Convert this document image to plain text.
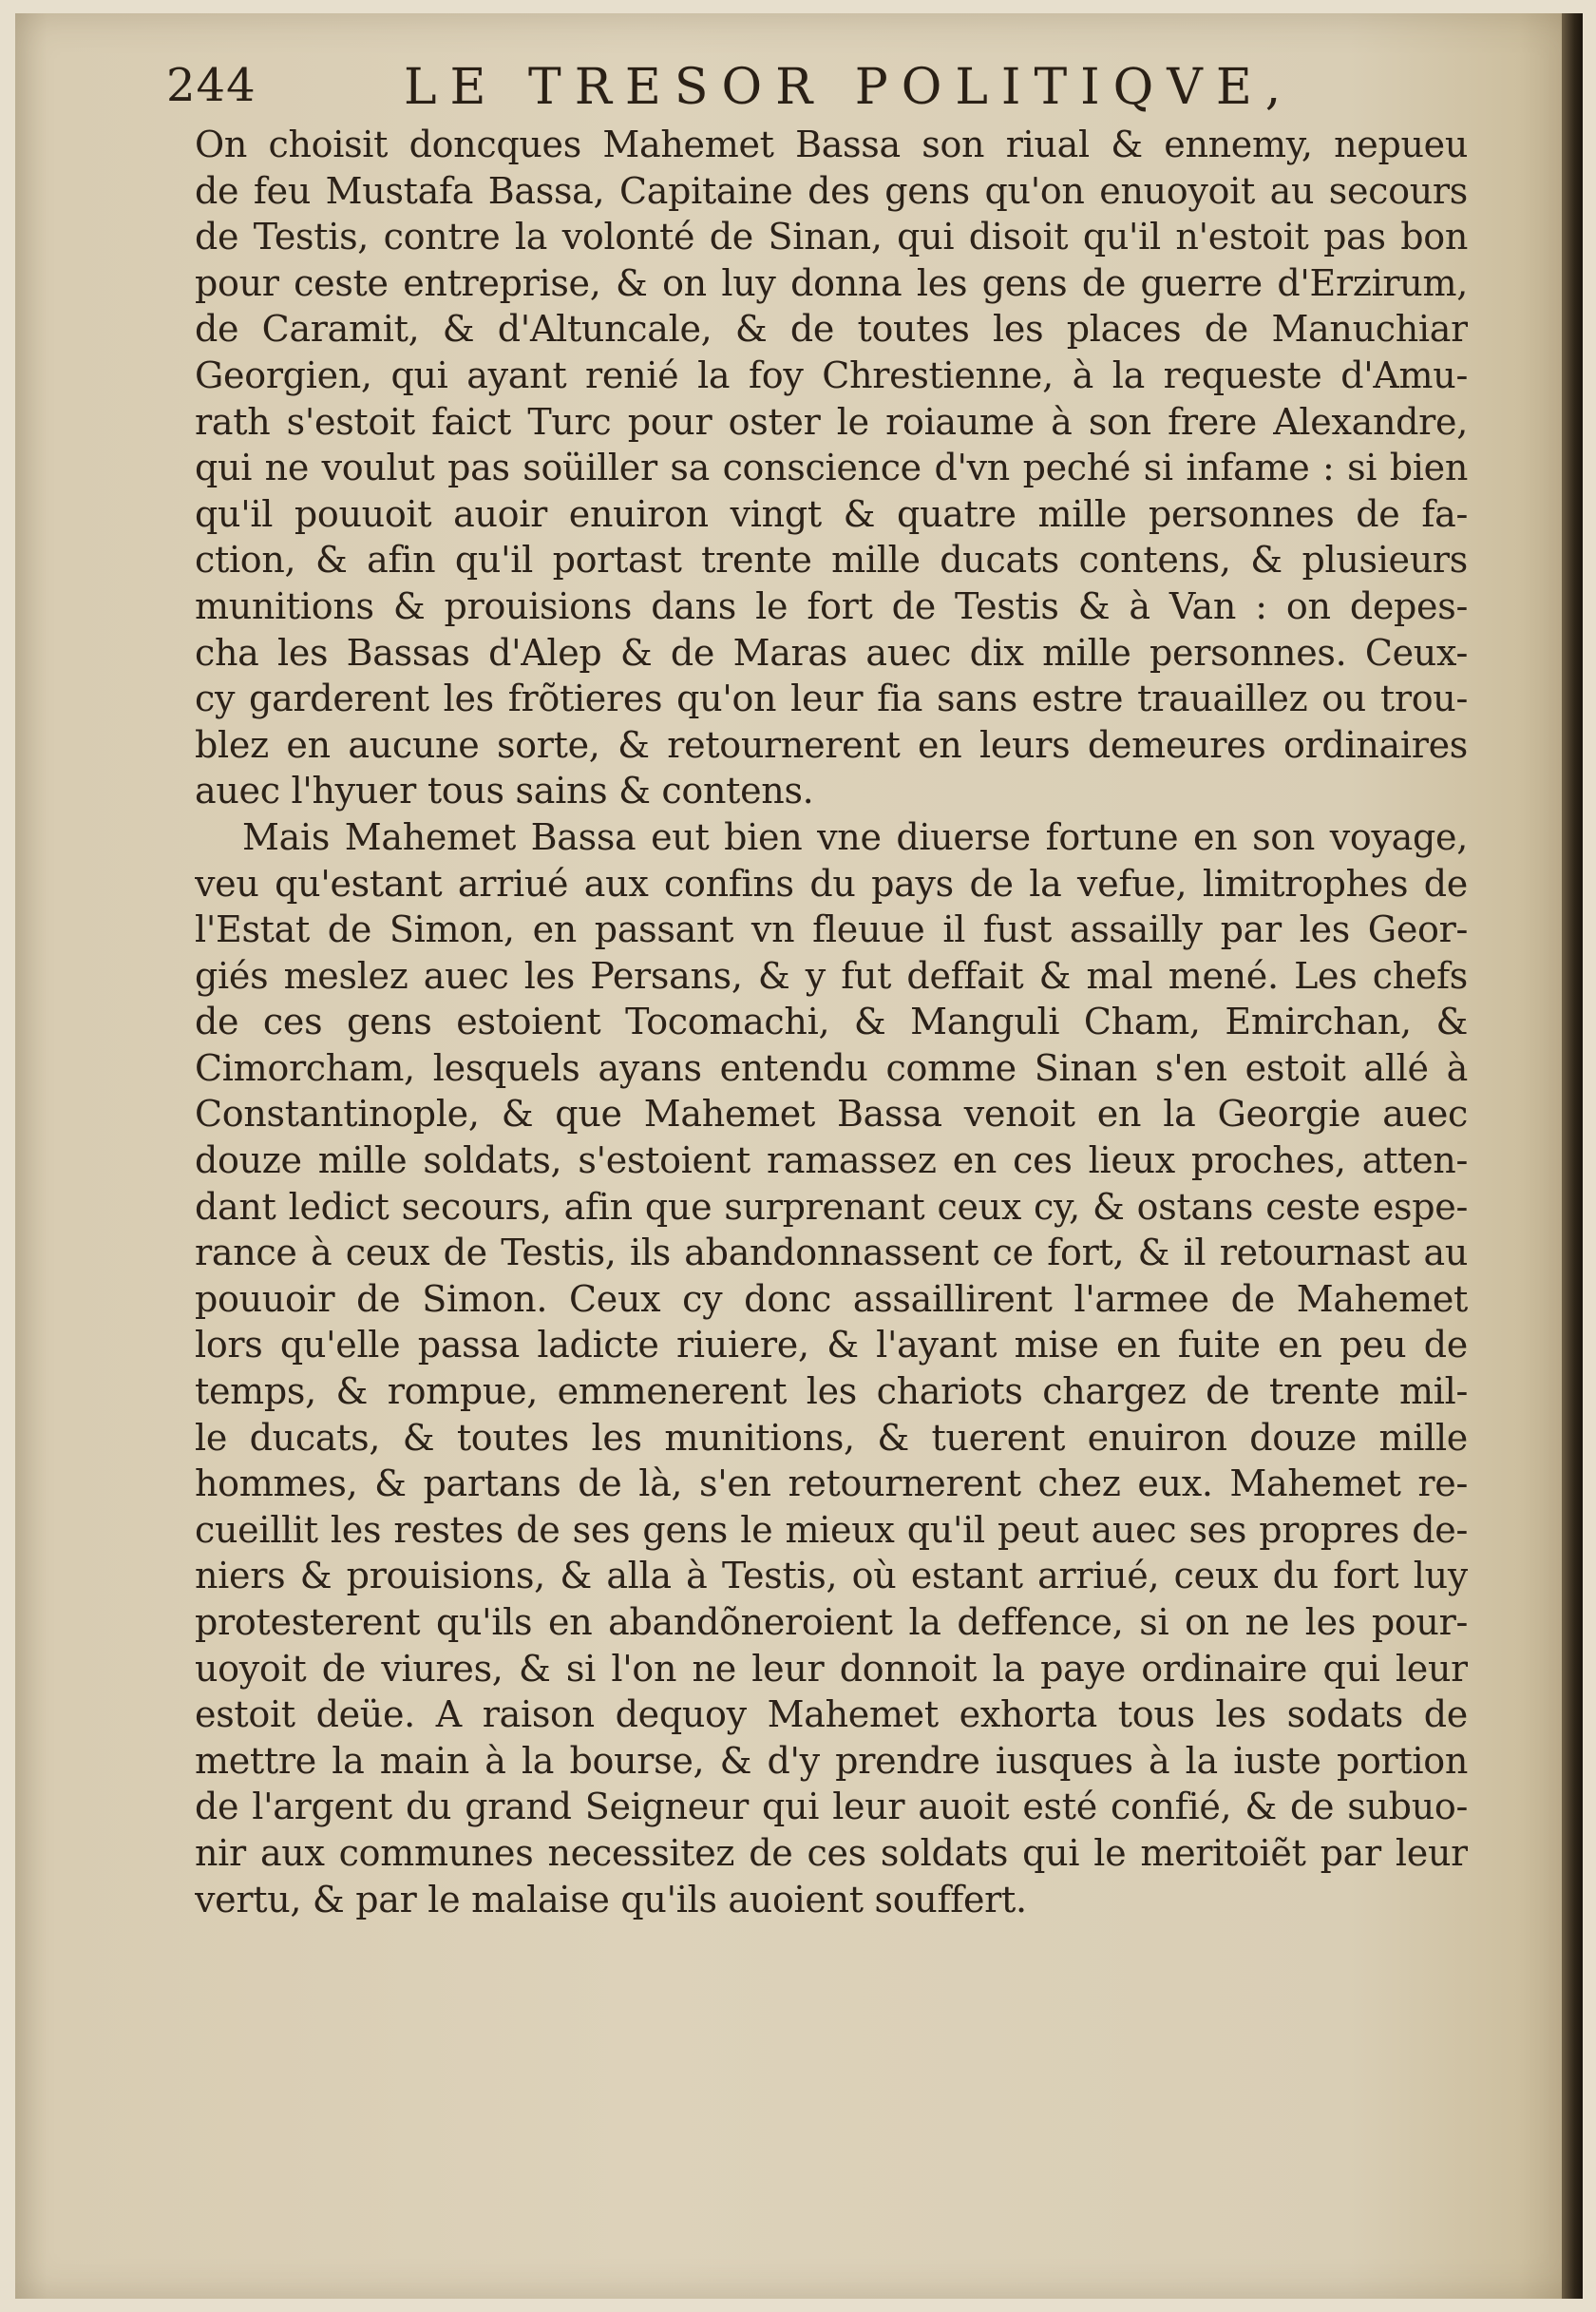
244	LE TRESOR POLITIQVE,
On choisit doncques Mahemet Bassa son riual & ennemy, nepueu
de feu Mustafa Bassa, Capitaine des gens qu'on enuoyoit au secours
de Testis, contre la volonté de Sinan, qui disoit qu'il n'estoit pas bon
pour ceste entreprise, & on luy donna les gens de guerre d'Erzirum,
de Caramit, & d'Altuncale, & de toutes les places de Manuchiar
Georgien, qui ayant renié la foy Chrestienne, à la requeste d'Amu-
rath s'estoit faict Turc pour oster le roiaume à son frere Alexandre,
qui ne voulut pas soüiller sa conscience d'vn peché si infame : si bien
qu'il pouuoit auoir enuiron vingt & quatre mille personnes de fa-
ction, & afin qu'il portast trente mille ducats contens, & plusieurs
munitions & prouisions dans le fort de Testis & à Van : on depes-
cha les Bassas d'Alep & de Maras auec dix mille personnes. Ceux-
cy garderent les frõtieres qu'on leur fia sans estre trauaillez ou trou-
blez en aucune sorte, & retournerent en leurs demeures ordinaires
auec l'hyuer tous sains & contens.
Mais Mahemet Bassa eut bien vne diuerse fortune en son voyage,
veu qu'estant arriué aux confins du pays de la vefue, limitrophes de
l'Estat de Simon, en passant vn fleuue il fust assailly par les Geor-
giés meslez auec les Persans, & y fut deffait & mal mené. Les chefs
de ces gens estoient Tocomachi, & Manguli Cham, Emirchan, &
Cimorcham, lesquels ayans entendu comme Sinan s'en estoit allé à
Constantinople, & que Mahemet Bassa venoit en la Georgie auec
douze mille soldats, s'estoient ramassez en ces lieux proches, atten-
dant ledict secours, afin que surprenant ceux cy, & ostans ceste espe-
rance à ceux de Testis, ils abandonnassent ce fort, & il retournast au
pouuoir de Simon. Ceux cy donc assaillirent l'armee de Mahemet
lors qu'elle passa ladicte riuiere, & l'ayant mise en fuite en peu de
temps, & rompue, emmenerent les chariots chargez de trente mil-
le ducats, & toutes les munitions, & tuerent enuiron douze mille
hommes, & partans de là, s'en retournerent chez eux. Mahemet re-
cueillit les restes de ses gens le mieux qu'il peut auec ses propres de-
niers & prouisions, & alla à Testis, où estant arriué, ceux du fort luy
protesterent qu'ils en abandõneroient la deffence, si on ne les pour-
uoyoit de viures, & si l'on ne leur donnoit la paye ordinaire qui leur
estoit deüe. A raison dequoy Mahemet exhorta tous les sodats de
mettre la main à la bourse, & d'y prendre iusques à la iuste portion
de l'argent du grand Seigneur qui leur auoit esté confié, & de subuo-
nir aux communes necessitez de ces soldats qui le meritoiẽt par leur
vertu, & par le malaise qu'ils auoient souffert.
